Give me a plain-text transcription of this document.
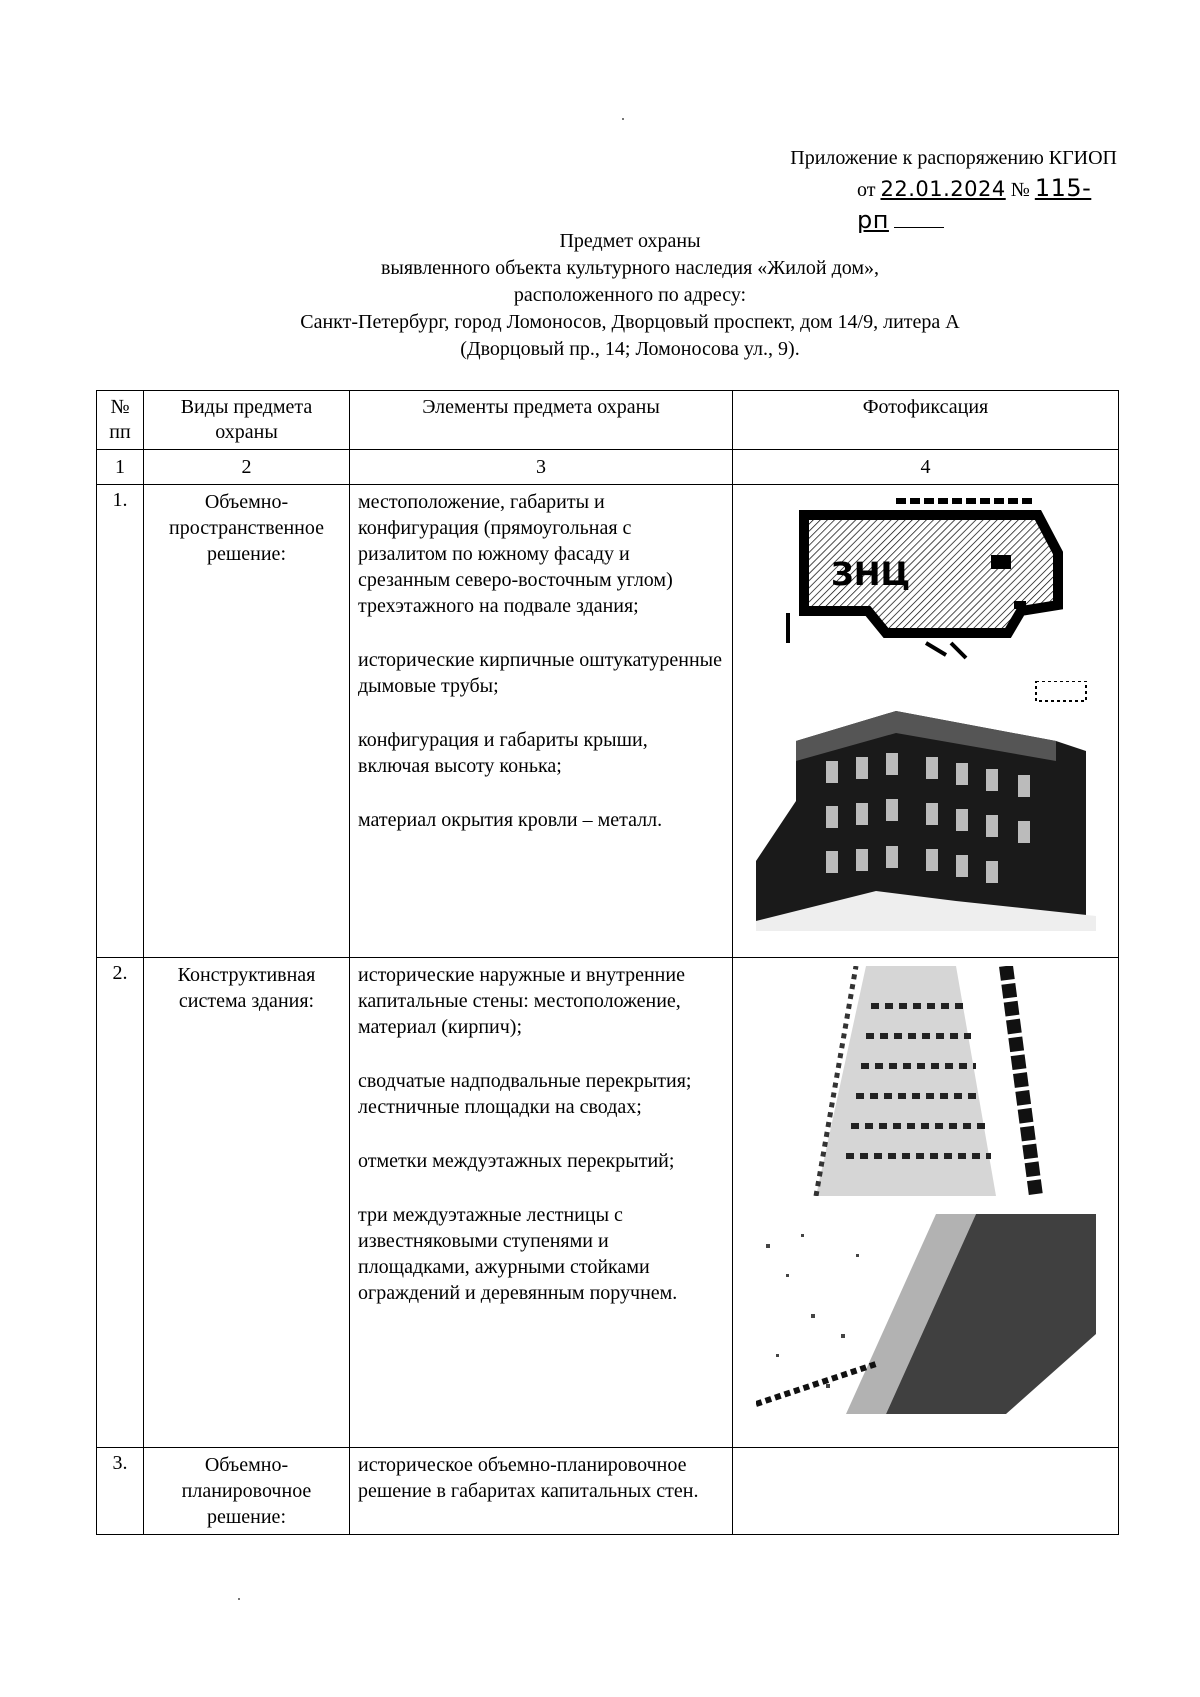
Приложение к распоряжению КГИОП
от 22.01.2024 № 115-рп
Предмет охраны
выявленного объекта культурного наследия «Жилой дом»,
расположенного по адресу:
Санкт-Петербург, город Ломоносов, Дворцовый проспект, дом 14/9, литера А
(Дворцовый пр., 14; Ломоносова ул., 9).
№ пп	Виды предмета охраны	Элементы предмета охраны	Фотофиксация
1	2	3	4
1.	Объемно-пространственное решение:	местоположение, габариты и конфигурация (прямоугольная с ризалитом по южному фасаду и срезанным северо-восточным углом) трехэтажного на подвале здания;

исторические кирпичные оштукатуренные дымовые трубы;

конфигурация и габариты крыши, включая высоту конька;

материал окрытия кровли – металл.	ЗНЦ

2.	Конструктивная система здания:	исторические наружные и внутренние капитальные стены: местоположение, материал (кирпич);

сводчатые надподвальные перекрытия; лестничные площадки на сводах;

отметки междуэтажных перекрытий;

три междуэтажные лестницы с известняковыми ступенями и площадками, ажурными стойками ограждений и деревянным поручнем.

3.	Объемно-планировочное решение:	историческое объемно-планировочное решение в габаритах капитальных стен.	
